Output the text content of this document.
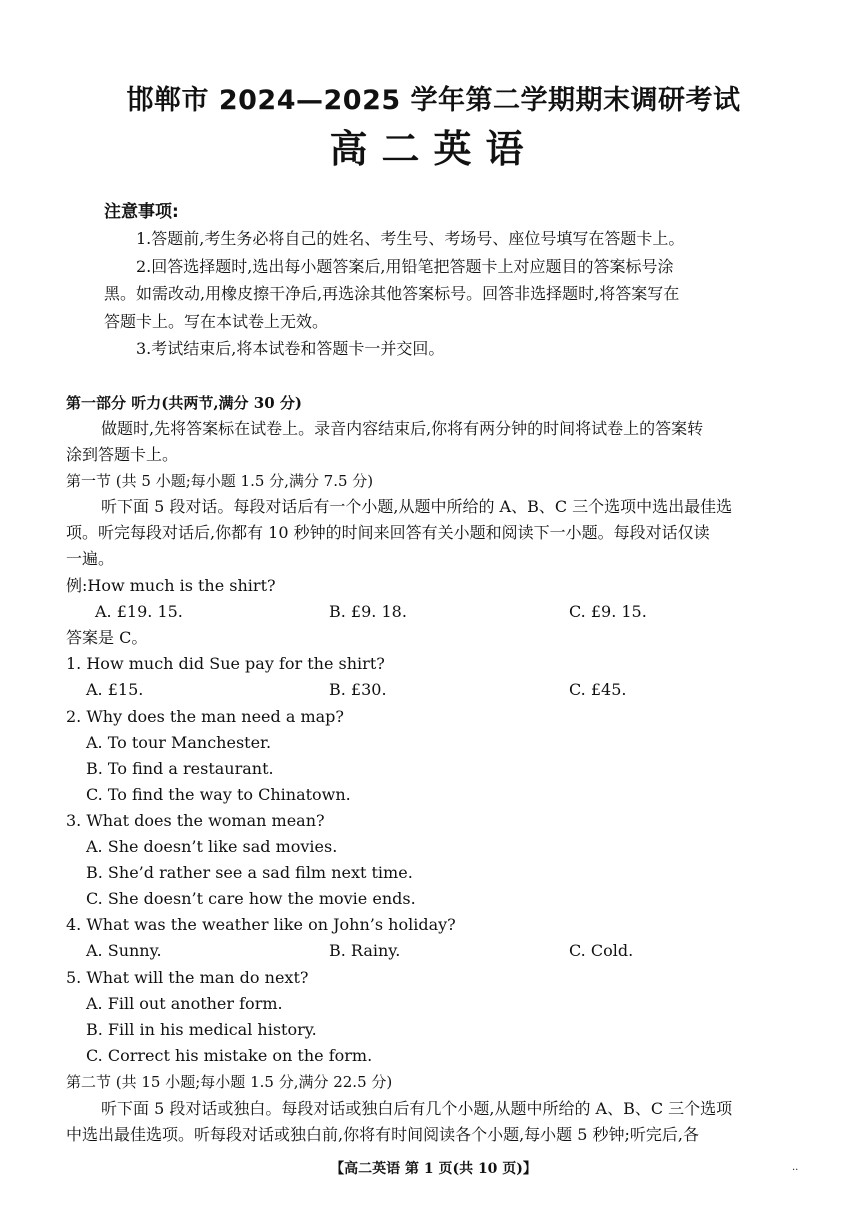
邯郸市 2024—2025 学年第二学期期末调研考试
高二英语
注意事项:
1.答题前,考生务必将自己的姓名、考生号、考场号、座位号填写在答题卡上。
2.回答选择题时,选出每小题答案后,用铅笔把答题卡上对应题目的答案标号涂
黑。如需改动,用橡皮擦干净后,再选涂其他答案标号。回答非选择题时,将答案写在
答题卡上。写在本试卷上无效。
3.考试结束后,将本试卷和答题卡一并交回。
第一部分 听力(共两节,满分 30 分)
做题时,先将答案标在试卷上。录音内容结束后,你将有两分钟的时间将试卷上的答案转
涂到答题卡上。
第一节 (共 5 小题;每小题 1.5 分,满分 7.5 分)
听下面 5 段对话。每段对话后有一个小题,从题中所给的 A、B、C 三个选项中选出最佳选
项。听完每段对话后,你都有 10 秒钟的时间来回答有关小题和阅读下一小题。每段对话仅读
一遍。
例:How much is the shirt?
A. £19. 15.	B. £9. 18.	C. £9. 15.
答案是 C。
1. How much did Sue pay for the shirt?
A. £15.	B. £30.	C. £45.
2. Why does the man need a map?
A. To tour Manchester.
B. To find a restaurant.
C. To find the way to Chinatown.
3. What does the woman mean?
A. She doesn’t like sad movies.
B. She’d rather see a sad film next time.
C. She doesn’t care how the movie ends.
4. What was the weather like on John’s holiday?
A. Sunny.	B. Rainy.	C. Cold.
5. What will the man do next?
A. Fill out another form.
B. Fill in his medical history.
C. Correct his mistake on the form.
第二节 (共 15 小题;每小题 1.5 分,满分 22.5 分)
听下面 5 段对话或独白。每段对话或独白后有几个小题,从题中所给的 A、B、C 三个选项
中选出最佳选项。听每段对话或独白前,你将有时间阅读各个小题,每小题 5 秒钟;听完后,各
【高二英语 第 1 页(共 10 页)】	..
